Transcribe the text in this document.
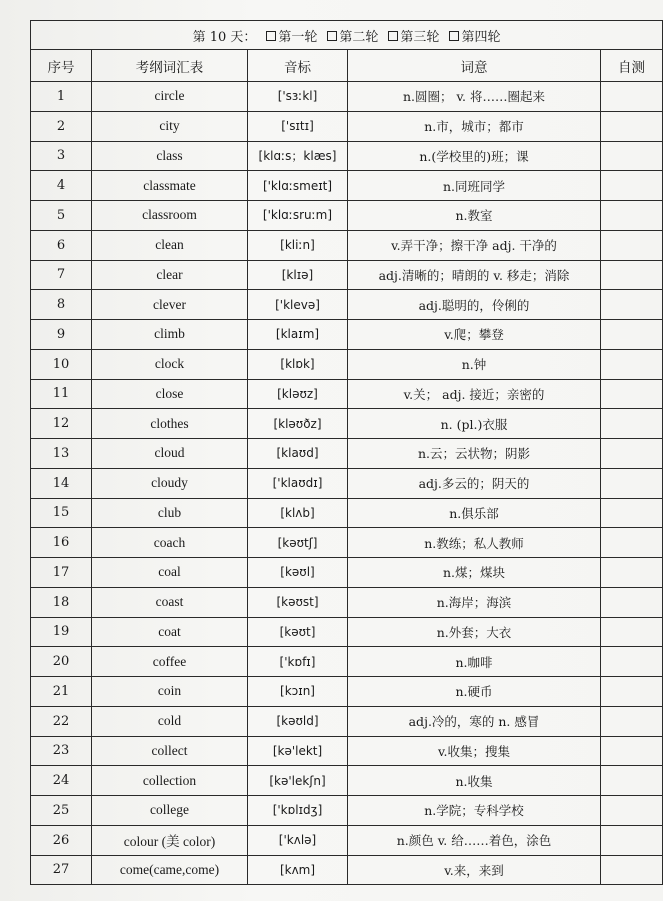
第 10 天： 第一轮 第二轮 第三轮 第四轮				
序号	考纲词汇表	音标	词意	自测
1	circle	['sɜːkl]	n.圆圈； v. 将……圈起来	
2	city	['sɪtɪ]	n.市，城市；都市	
3	class	[klɑːs；klæs]	n.(学校里的)班；课	
4	classmate	['klɑːsmeɪt]	n.同班同学	
5	classroom	['klɑːsruːm]	n.教室	
6	clean	[kliːn]	v.弄干净；擦干净 adj. 干净的	
7	clear	[klɪə]	adj.清晰的；晴朗的 v. 移走；消除	
8	clever	['klevə]	adj.聪明的，伶俐的	
9	climb	[klaɪm]	v.爬；攀登	
10	clock	[klɒk]	n.钟	
11	close	[kləʊz]	v.关； adj. 接近；亲密的	
12	clothes	[kləʊðz]	n. (pl.)衣服	
13	cloud	[klaʊd]	n.云；云状物；阴影	
14	cloudy	['klaʊdɪ]	adj.多云的；阴天的	
15	club	[klʌb]	n.俱乐部	
16	coach	[kəʊtʃ]	n.教练；私人教师	
17	coal	[kəʊl]	n.煤；煤块	
18	coast	[kəʊst]	n.海岸；海滨	
19	coat	[kəʊt]	n.外套；大衣	
20	coffee	['kɒfɪ]	n.咖啡	
21	coin	[kɔɪn]	n.硬币	
22	cold	[kəʊld]	adj.冷的，寒的 n. 感冒	
23	collect	[kə'lekt]	v.收集；搜集	
24	collection	[kə'lekʃn]	n.收集	
25	college	['kɒlɪdʒ]	n.学院；专科学校	
26	colour (美 color)	['kʌlə]	n.颜色 v. 给……着色，涂色	
27	come(came,come)	[kʌm]	v.来，来到	
